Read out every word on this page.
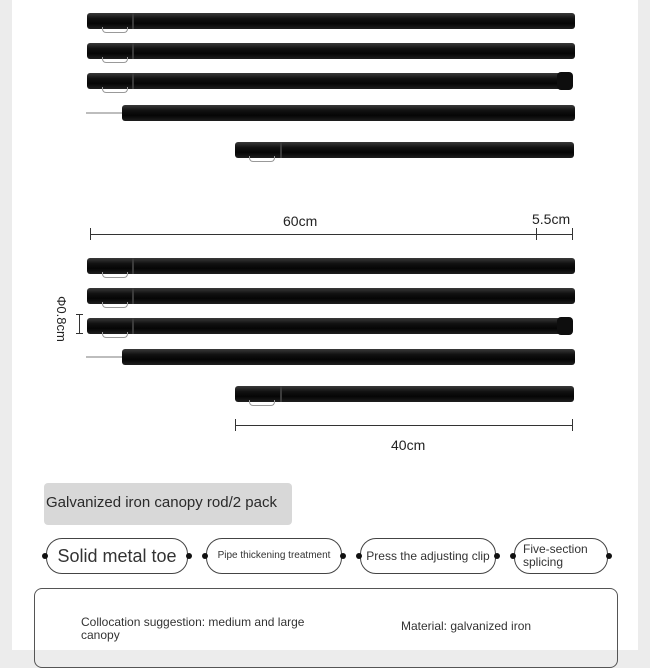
60cm	5.5cm
Φ0.8cm
40cm
Galvanized iron canopy rod/2 pack
Solid metal toe	Pipe thickening treatment	Press the adjusting clip	Five-section splicing
Collocation suggestion: medium and large canopy
Material: galvanized iron
